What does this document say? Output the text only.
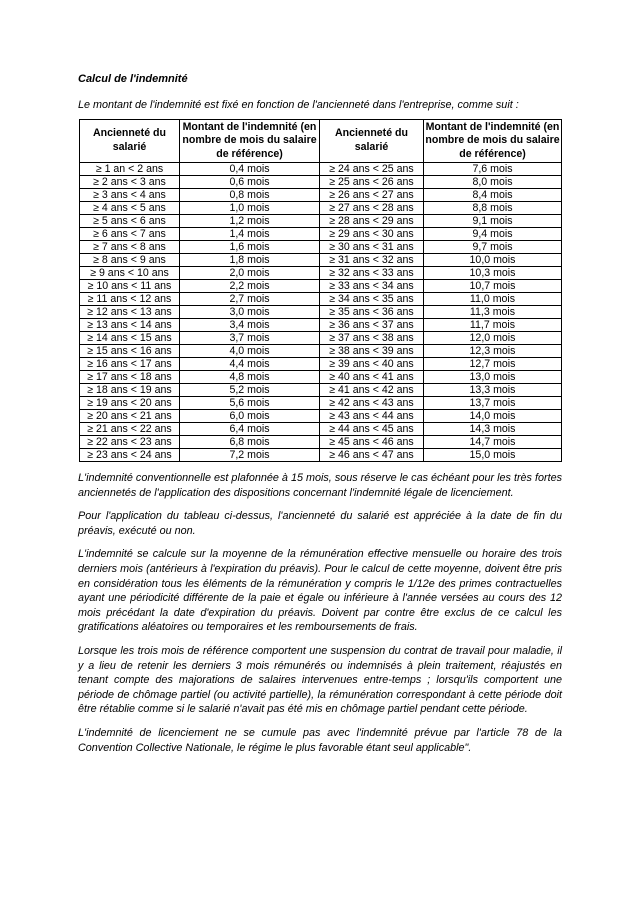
Calcul de l'indemnité

Le montant de l'indemnité est fixé en fonction de l'ancienneté dans l'entreprise, comme suit :

Ancienneté du salarié	Montant de l'indemnité (en nombre de mois du salaire de référence)	Ancienneté du salarié	Montant de l'indemnité (en nombre de mois du salaire de référence)
≥ 1 an < 2 ans	0,4 mois	≥ 24 ans < 25 ans	7,6 mois
≥ 2 ans < 3 ans	0,6 mois	≥ 25 ans < 26 ans	8,0 mois
≥ 3 ans < 4 ans	0,8 mois	≥ 26 ans < 27 ans	8,4 mois
≥ 4 ans < 5 ans	1,0 mois	≥ 27 ans < 28 ans	8,8 mois
≥ 5 ans < 6 ans	1,2 mois	≥ 28 ans < 29 ans	9,1 mois
≥ 6 ans < 7 ans	1,4 mois	≥ 29 ans < 30 ans	9,4 mois
≥ 7 ans < 8 ans	1,6 mois	≥ 30 ans < 31 ans	9,7 mois
≥ 8 ans < 9 ans	1,8 mois	≥ 31 ans < 32 ans	10,0 mois
≥ 9 ans < 10 ans	2,0 mois	≥ 32 ans < 33 ans	10,3 mois
≥ 10 ans < 11 ans	2,2 mois	≥ 33 ans < 34 ans	10,7 mois
≥ 11 ans < 12 ans	2,7 mois	≥ 34 ans < 35 ans	11,0 mois
≥ 12 ans < 13 ans	3,0 mois	≥ 35 ans < 36 ans	11,3 mois
≥ 13 ans < 14 ans	3,4 mois	≥ 36 ans < 37 ans	11,7 mois
≥ 14 ans < 15 ans	3,7 mois	≥ 37 ans < 38 ans	12,0 mois
≥ 15 ans < 16 ans	4,0 mois	≥ 38 ans < 39 ans	12,3 mois
≥ 16 ans < 17 ans	4,4 mois	≥ 39 ans < 40 ans	12,7 mois
≥ 17 ans < 18 ans	4,8 mois	≥ 40 ans < 41 ans	13,0 mois
≥ 18 ans < 19 ans	5,2 mois	≥ 41 ans < 42 ans	13,3 mois
≥ 19 ans < 20 ans	5,6 mois	≥ 42 ans < 43 ans	13,7 mois
≥ 20 ans < 21 ans	6,0 mois	≥ 43 ans < 44 ans	14,0 mois
≥ 21 ans < 22 ans	6,4 mois	≥ 44 ans < 45 ans	14,3 mois
≥ 22 ans < 23 ans	6,8 mois	≥ 45 ans < 46 ans	14,7 mois
≥ 23 ans < 24 ans	7,2 mois	≥ 46 ans < 47 ans	15,0 mois

L'indemnité conventionnelle est plafonnée à 15 mois, sous réserve le cas échéant pour les très fortes anciennetés de l'application des dispositions concernant l'indemnité légale de licenciement.

Pour l'application du tableau ci-dessus, l'ancienneté du salarié est appréciée à la date de fin du préavis, exécuté ou non.

L'indemnité se calcule sur la moyenne de la rémunération effective mensuelle ou horaire des trois derniers mois (antérieurs à l'expiration du préavis). Pour le calcul de cette moyenne, doivent être pris en considération tous les éléments de la rémunération y compris le 1/12e des primes contractuelles ayant une périodicité différente de la paie et égale ou inférieure à l'année versées au cours des 12 mois précédant la date d'expiration du préavis. Doivent par contre être exclus de ce calcul les gratifications aléatoires ou temporaires et les remboursements de frais.

Lorsque les trois mois de référence comportent une suspension du contrat de travail pour maladie, il y a lieu de retenir les derniers 3 mois rémunérés ou indemnisés à plein traitement, réajustés en tenant compte des majorations de salaires intervenues entre-temps ; lorsqu'ils comportent une période de chômage partiel (ou activité partielle), la rémunération correspondant à cette période doit être rétablie comme si le salarié n'avait pas été mis en chômage partiel pendant cette période.

L'indemnité de licenciement ne se cumule pas avec l'indemnité prévue par l'article 78 de la Convention Collective Nationale, le régime le plus favorable étant seul applicable".
